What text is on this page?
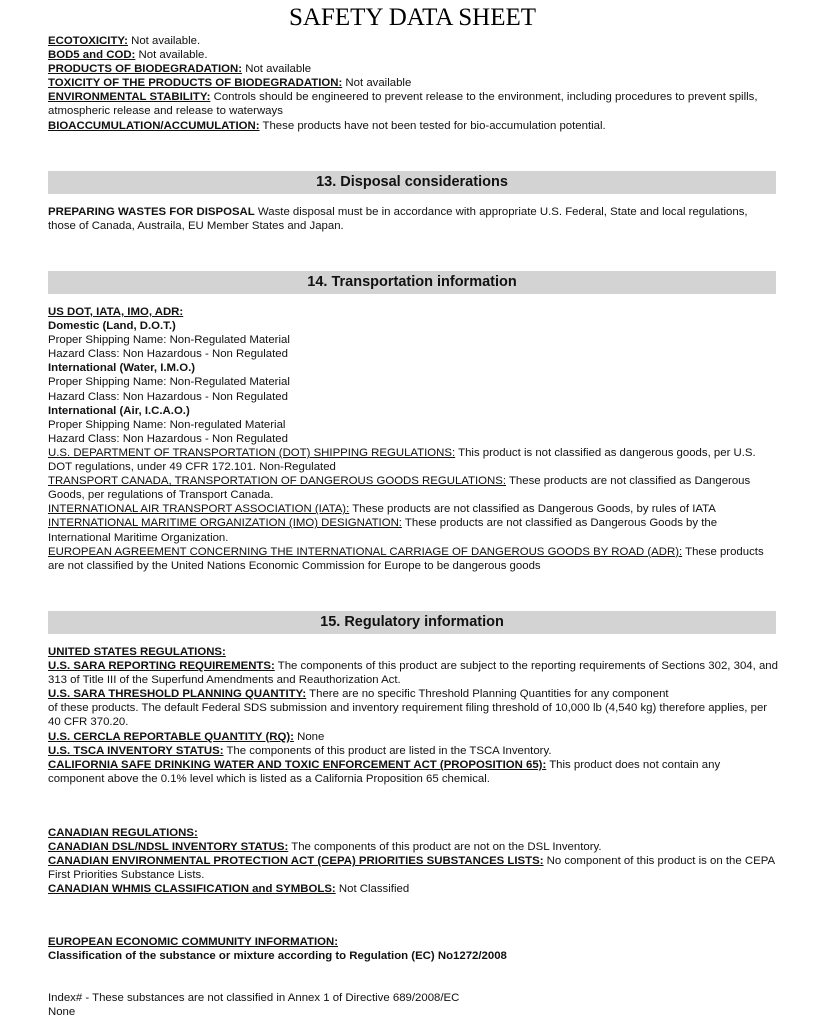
SAFETY DATA SHEET
ECOTOXICITY: Not available.
BOD5 and COD: Not available.
PRODUCTS OF BIODEGRADATION: Not available
TOXICITY OF THE PRODUCTS OF BIODEGRADATION: Not available
ENVIRONMENTAL STABILITY: Controls should be engineered to prevent release to the environment, including procedures to prevent spills, atmospheric release and release to waterways
BIOACCUMULATION/ACCUMULATION: These products have not been tested for bio-accumulation potential.
13. Disposal considerations
PREPARING WASTES FOR DISPOSAL Waste disposal must be in accordance with appropriate U.S. Federal, State and local regulations, those of Canada, Austraila, EU Member States and Japan.
14. Transportation information
US DOT, IATA, IMO, ADR:
Domestic (Land, D.O.T.)
Proper Shipping Name: Non-Regulated Material
Hazard Class: Non Hazardous - Non Regulated
International (Water, I.M.O.)
Proper Shipping Name: Non-Regulated Material
Hazard Class: Non Hazardous - Non Regulated
International (Air, I.C.A.O.)
Proper Shipping Name: Non-regulated Material
Hazard Class: Non Hazardous - Non Regulated
U.S. DEPARTMENT OF TRANSPORTATION (DOT) SHIPPING REGULATIONS: This product is not classified as dangerous goods, per U.S. DOT regulations, under 49 CFR 172.101. Non-Regulated
TRANSPORT CANADA, TRANSPORTATION OF DANGEROUS GOODS REGULATIONS: These products are not classified as Dangerous Goods, per regulations of Transport Canada.
INTERNATIONAL AIR TRANSPORT ASSOCIATION (IATA): These products are not classified as Dangerous Goods, by rules of IATA
INTERNATIONAL MARITIME ORGANIZATION (IMO) DESIGNATION: These products are not classified as Dangerous Goods by the International Maritime Organization.
EUROPEAN AGREEMENT CONCERNING THE INTERNATIONAL CARRIAGE OF DANGEROUS GOODS BY ROAD (ADR): These products are not classified by the United Nations Economic Commission for Europe to be dangerous goods
15. Regulatory information
UNITED STATES REGULATIONS:
U.S. SARA REPORTING REQUIREMENTS: The components of this product are subject to the reporting requirements of Sections 302, 304, and 313 of Title III of the Superfund Amendments and Reauthorization Act.
U.S. SARA THRESHOLD PLANNING QUANTITY: There are no specific Threshold Planning Quantities for any component
of these products. The default Federal SDS submission and inventory requirement filing threshold of 10,000 lb (4,540 kg) therefore applies, per 40 CFR 370.20.
U.S. CERCLA REPORTABLE QUANTITY (RQ): None
U.S. TSCA INVENTORY STATUS: The components of this product are listed in the TSCA Inventory.
CALIFORNIA SAFE DRINKING WATER AND TOXIC ENFORCEMENT ACT (PROPOSITION 65): This product does not contain any component above the 0.1% level which is listed as a California Proposition 65 chemical.
CANADIAN REGULATIONS:
CANADIAN DSL/NDSL INVENTORY STATUS: The components of this product are not on the DSL Inventory.
CANADIAN ENVIRONMENTAL PROTECTION ACT (CEPA) PRIORITIES SUBSTANCES LISTS: No component of this product is on the CEPA First Priorities Substance Lists.
CANADIAN WHMIS CLASSIFICATION and SYMBOLS: Not Classified
EUROPEAN ECONOMIC COMMUNITY INFORMATION:
Classification of the substance or mixture according to Regulation (EC) No1272/2008
Index# - These substances are not classified in Annex 1 of Directive 689/2008/EC
None
